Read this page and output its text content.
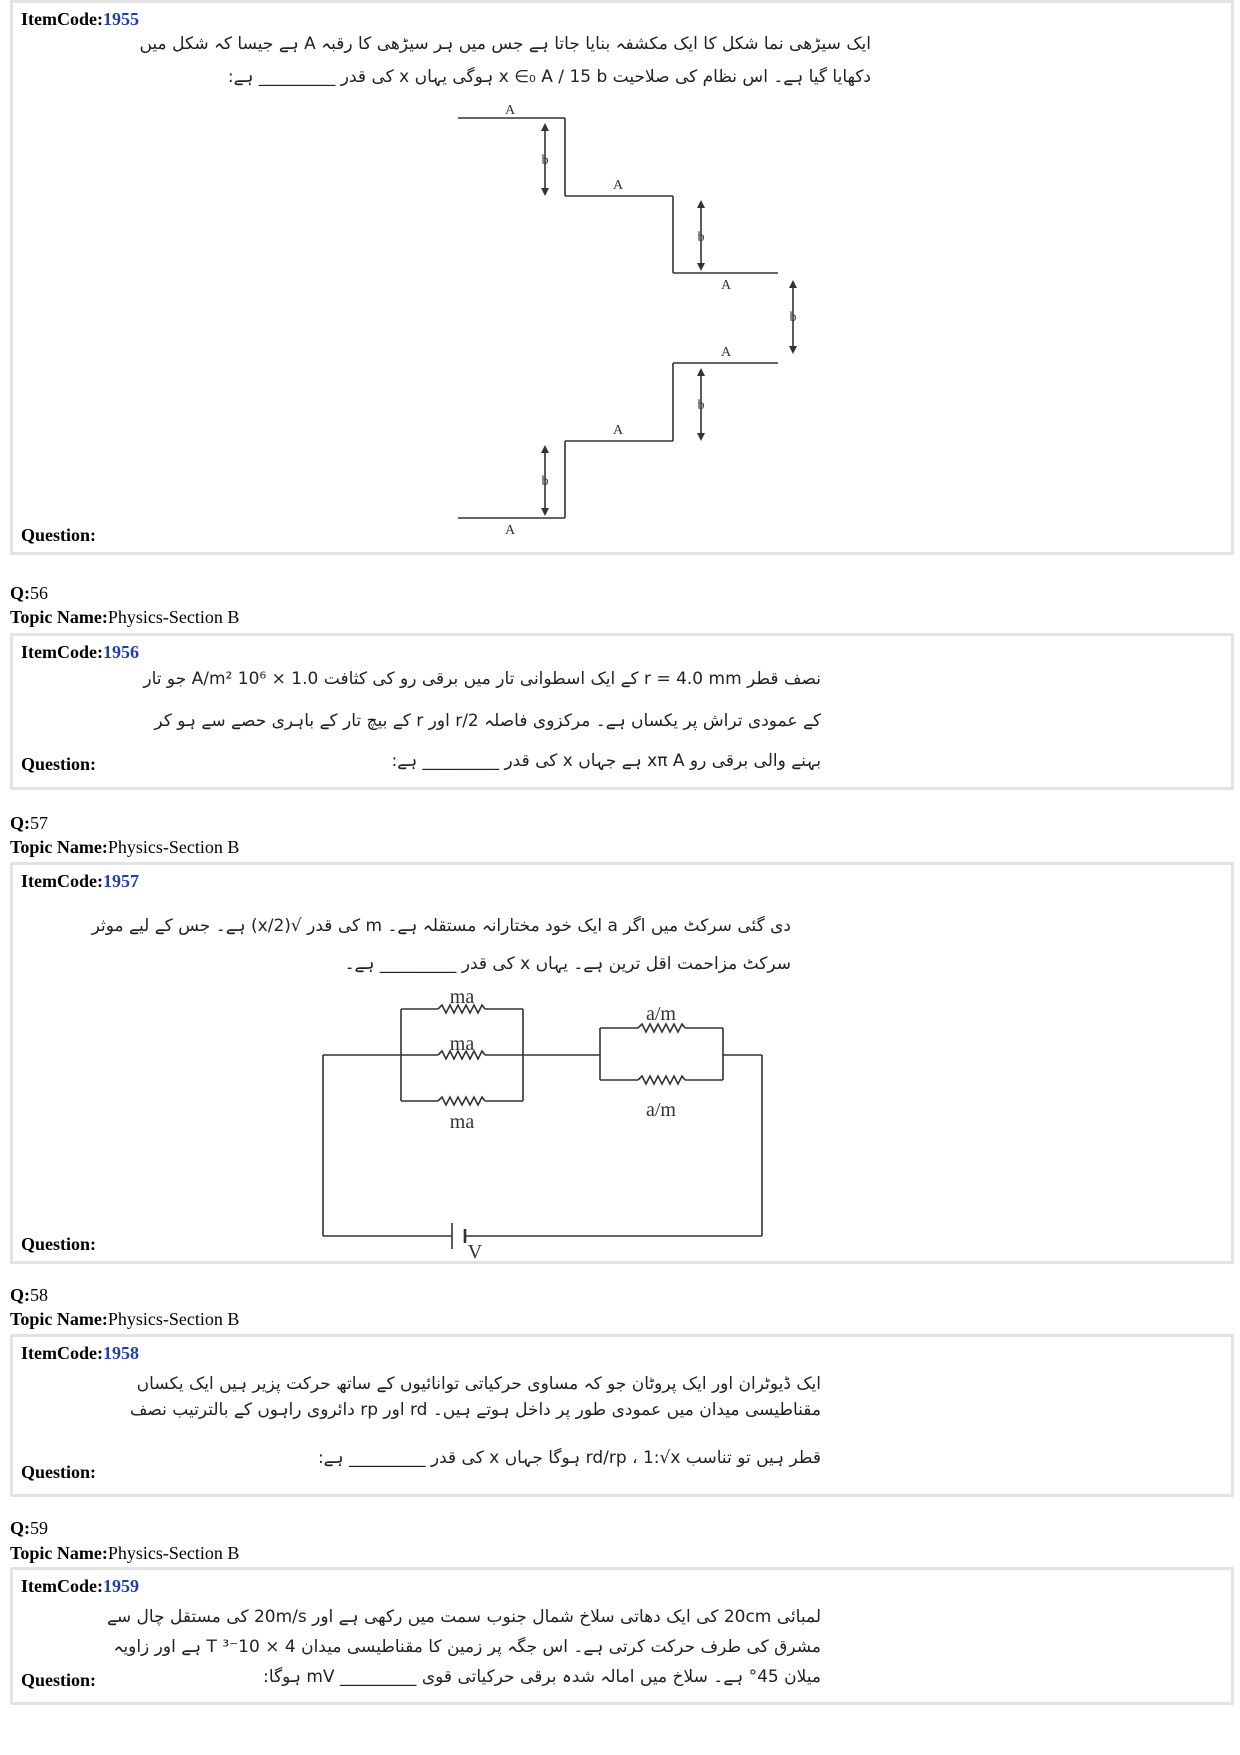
ItemCode:1955
ایک سیڑھی نما شکل کا ایک مکشفہ بنایا جاتا ہے جس میں ہر سیڑھی کا رقبہ A ہے جیسا کہ شکل میں
دکھایا گیا ہے۔ اس نظام کی صلاحیت x ∈₀ A / 15 b ہوگی یہاں x کی قدر _________ ہے:
A
A
A
A
A
A
b
b
b
b
b
Question:
Q:56
Topic Name:Physics-Section B
ItemCode:1956
نصف قطر r = 4.0 mm کے ایک اسطوانی تار میں برقی رو کی کثافت 1.0 × 10⁶ A/m² جو تار
کے عمودی تراش پر یکساں ہے۔ مرکزوی فاصلہ r/2 اور r کے بیچ تار کے باہری حصے سے ہو کر
بہنے والی برقی رو xπ A ہے جہاں x کی قدر _________ ہے:
Question:
Q:57
Topic Name:Physics-Section B
ItemCode:1957
دی گئی سرکٹ میں اگر a ایک خود مختارانہ مستقلہ ہے۔ m کی قدر √(x/2) ہے۔ جس کے لیے موثر
سرکٹ مزاحمت اقل ترین ہے۔ یہاں x کی قدر _________ ہے۔
ma
ma
ma
a/m
a/m
V
Question:
Q:58
Topic Name:Physics-Section B
ItemCode:1958
ایک ڈیوٹران اور ایک پروٹان جو کہ مساوی حرکیاتی توانائیوں کے ساتھ حرکت پزیر ہیں ایک یکساں
مقناطیسی میدان میں عمودی طور پر داخل ہوتے ہیں۔ rd اور rp دائروی راہوں کے بالترتیب نصف
قطر ہیں تو تناسب rd/rp ، 1:√x ہوگا جہاں x کی قدر _________ ہے:
Question:
Q:59
Topic Name:Physics-Section B
ItemCode:1959
لمبائی 20cm کی ایک دھاتی سلاخ شمال جنوب سمت میں رکھی ہے اور 20m/s کی مستقل چال سے
مشرق کی طرف حرکت کرتی ہے۔ اس جگہ پر زمین کا مقناطیسی میدان 4 × 10⁻³ T ہے اور زاویہ
میلان 45° ہے۔ سلاخ میں امالہ شدہ برقی حرکیاتی قوی _________ mV ہوگا:
Question:
